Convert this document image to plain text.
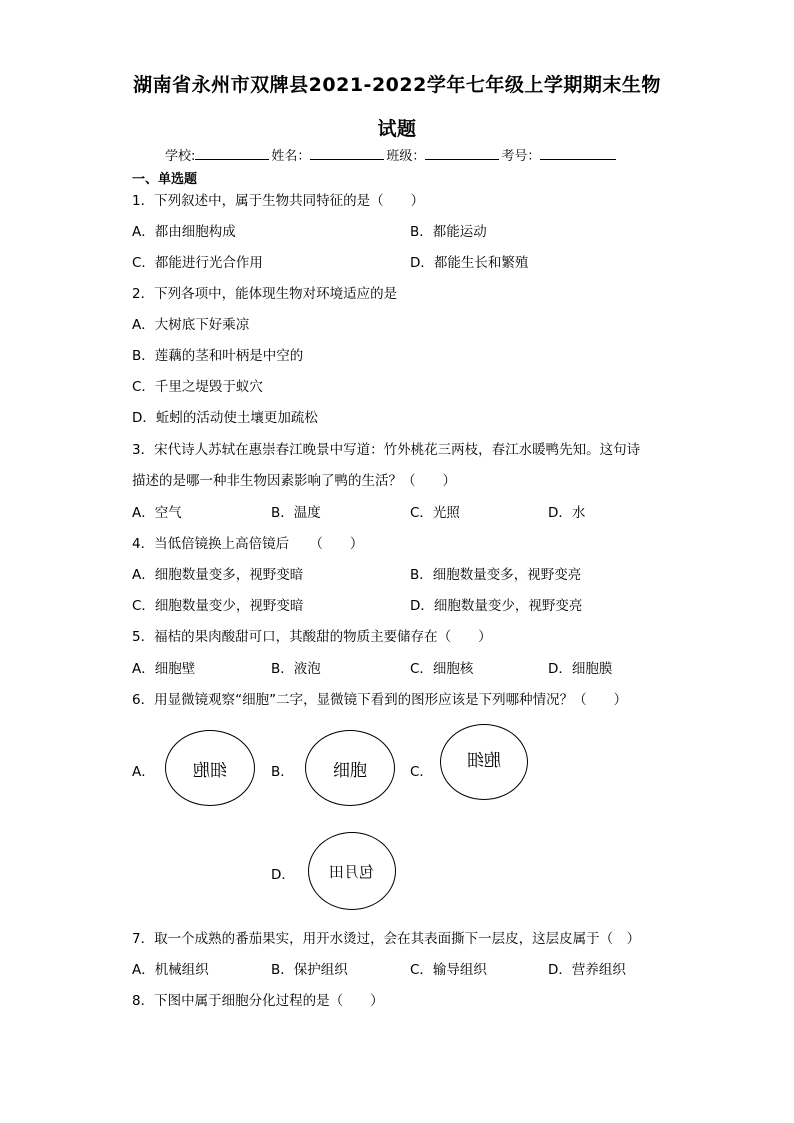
湖南省永州市双牌县2021-2022学年七年级上学期期末生物
试题
学校:	姓名：	班级：	考号：
一、单选题
1．下列叙述中，属于生物共同特征的是（　　）
A．都由细胞构成	B．都能运动
C．都能进行光合作用	D．都能生长和繁殖
2．下列各项中，能体现生物对环境适应的是
A．大树底下好乘凉
B．莲藕的茎和叶柄是中空的
C．千里之堤毁于蚁穴
D．蚯蚓的活动使土壤更加疏松
3．宋代诗人苏轼在惠崇春江晚景中写道：竹外桃花三两枝，春江水暖鸭先知。这句诗
描述的是哪一种非生物因素影响了鸭的生活？（　　）
A．空气	B．温度	C．光照	D．水
4．当低倍镜换上高倍镜后　　（　　）
A．细胞数量变多，视野变暗	B．细胞数量变多，视野变亮
C．细胞数量变少，视野变暗	D．细胞数量变少，视野变亮
5．福桔的果肉酸甜可口，其酸甜的物质主要储存在（　　）
A．细胞壁	B．液泡	C．细胞核	D．细胞膜
6．用显微镜观察“细胞”二字，显微镜下看到的图形应该是下列哪种情况？（　　）
A． 细胞	B． 细胞	C．
胞细
D． 包月田
7．取一个成熟的番茄果实，用开水烫过，会在其表面撕下一层皮，这层皮属于（　）
A．机械组织	B．保护组织	C．输导组织	D．营养组织
8．下图中属于细胞分化过程的是（　　）
